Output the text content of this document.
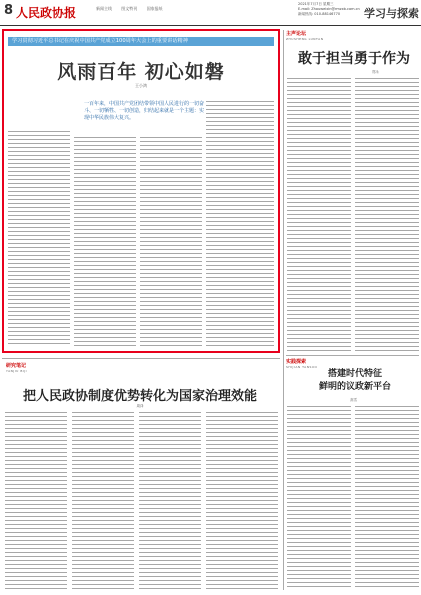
8 人民政协报	新闻主线 图文特刊 国家报纸
2021年7月7日 星期三
E-mail: Zhouweixin@rmzxb.com.cn
新闻热线: 010-88146770	学习与探索
学习贯彻习近平总书记在庆祝中国共产党成立100周年大会上的重要讲话精神
风雨百年 初心如磐
王小鸿
一百年来，中国共产党团结带领中国人民进行的一切奋斗、一切牺牲、一切创造，归结起来就是一个主题：实现中华民族伟大复兴。
主声论坛
ZHUSHENG LUNTAN
敢于担当勇于作为
郑永
实践探索
SHIJIAN TANSUO
搭建时代特征
鲜明的议政新平台
高雪
研究笔记
YANJIU BIJI
把人民政协制度优势转化为国家治理效能
周泽
